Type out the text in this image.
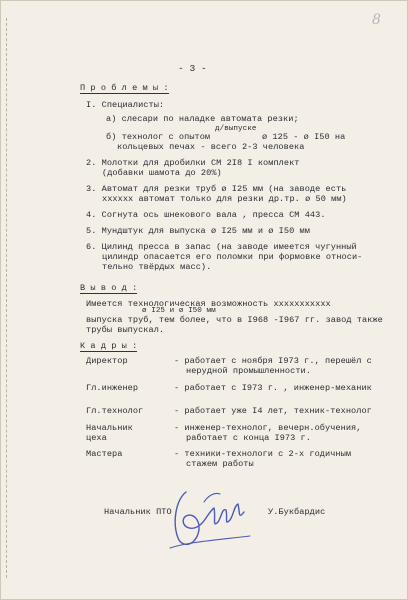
8
- 3 -
П р о б л е м ы :
I. Специалисты:
а) слесари по наладке автомата резки;
б) технолог с опытом
д/выпуске
ø 125 - ø I50 на
кольцевых печах - всего 2-3 человека
2. Молотки для дробилки СМ 2I8 I комплект
(добавки шамота до 20%)
3. Автомат для резки труб ø I25 мм (на заводе есть
хххххх автомат только для резки др.тр. ø 50 мм)
4. Согнута ось шнекового вала , пресса СМ 443.
5. Мундштук для выпуска ø I25 мм и ø I50 мм
6. Цилинд пресса в запас (на заводе имеется чугунный
цилиндр опасается его поломки при формовке относи-
тельно твёрдых масс).
В ы в о д :
Имеется технологическая возможность ххххххххххх
ø I25 и ø I50 мм
выпуска труб, тем более, что в I968 -I967 гг. завод также
трубы выпускал.
К а д р ы :
Директор	- работает с ноября I973 г., перешёл с
нерудной промышленности.
Гл.инженер	- работает с I973 г. , инженер-механик
Гл.технолог	- работает уже I4 лет, техник-технолог
Начальник
цеха
- инженер-технолог, вечерн.обучения,
работает с конца I973 г.
Мастера	- техники-технологи с 2-х годичным
стажем работы
Начальник ПТО	У.Букбардис
